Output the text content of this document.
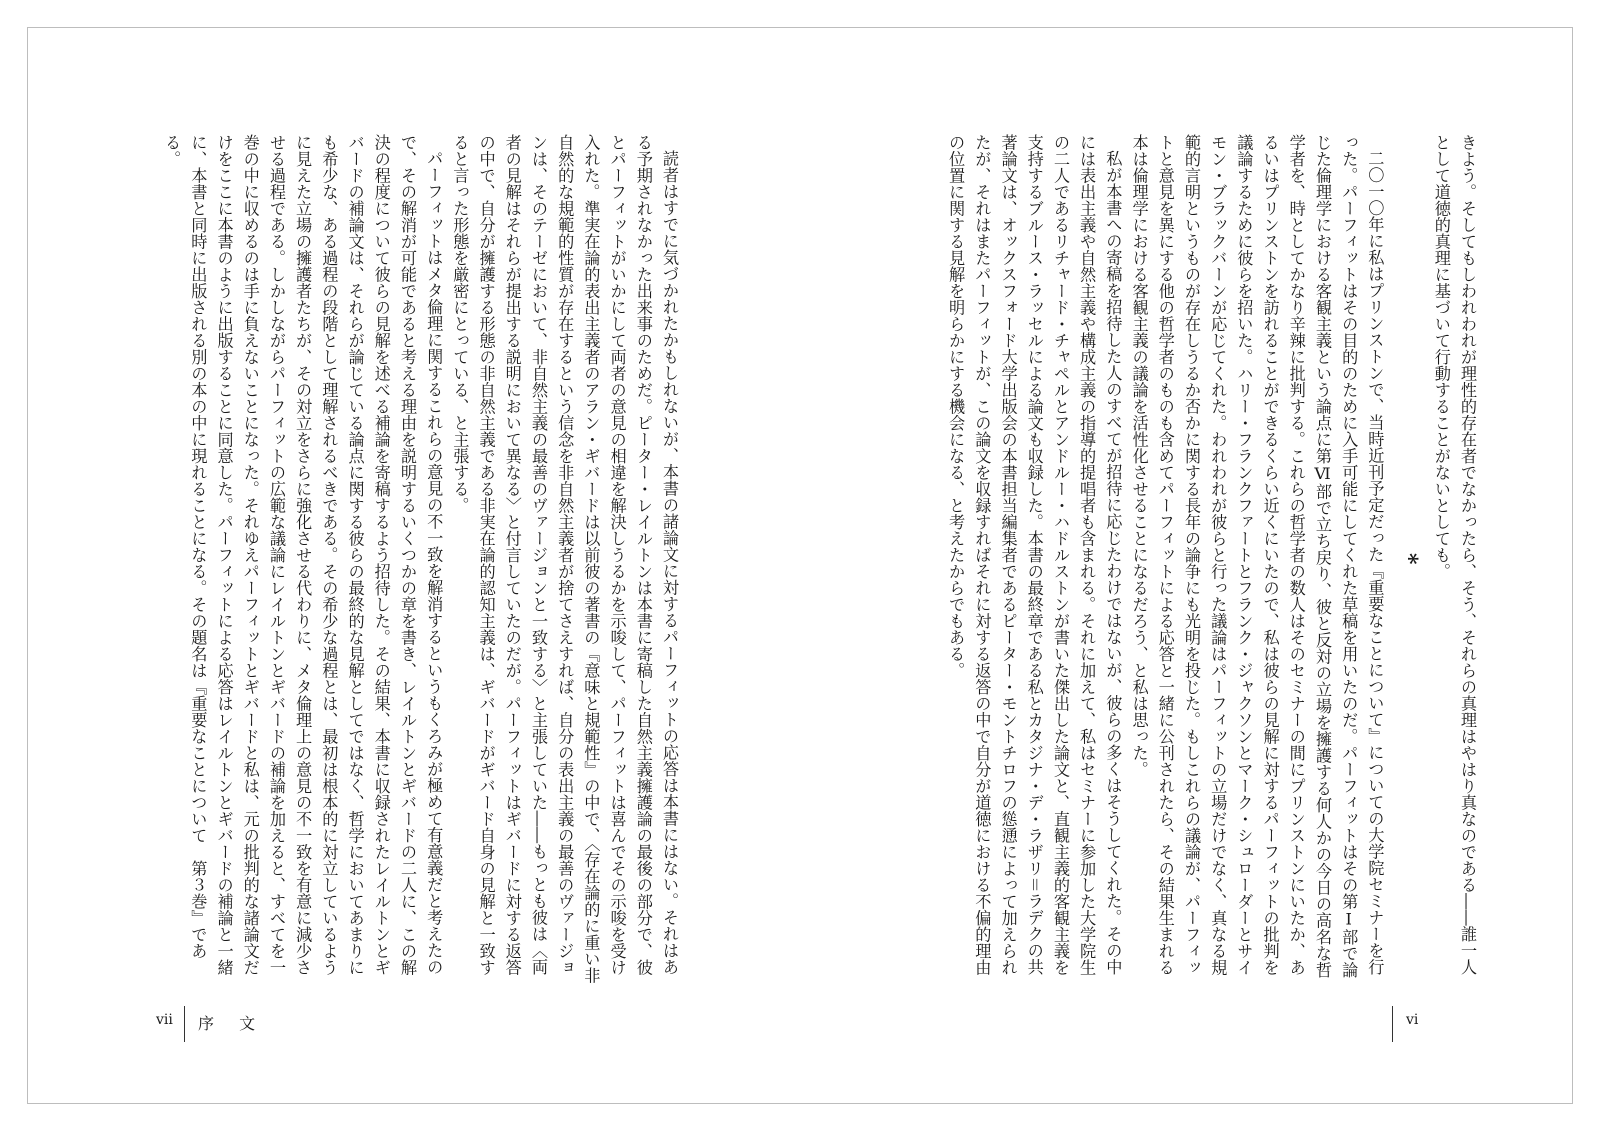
きよう。そしてもしわれわれが理性的存在者でなかったら、そう、それらの真理はやはり真なのである――誰一人として道徳的真理に基づいて行動することがないとしても。

*

二〇一〇年に私はプリンストンで、当時近刊予定だった『重要なことについて』についての大学院セミナーを行った。パーフィットはその目的のために入手可能にしてくれた草稿を用いたのだ。パーフィットはその第Ⅰ部で論じた倫理学における客観主義という論点に第Ⅵ部で立ち戻り、彼と反対の立場を擁護する何人かの今日の高名な哲学者を、時としてかなり辛辣に批判する。これらの哲学者の数人はそのセミナーの間にプリンストンにいたか、あるいはプリンストンを訪れることができるくらい近くにいたので、私は彼らの見解に対するパーフィットの批判を議論するために彼らを招いた。ハリー・フランクファートとフランク・ジャクソンとマーク・シュローダーとサイモン・ブラックバーンが応じてくれた。われわれが彼らと行った議論はパーフィットの立場だけでなく、真なる規範的言明というものが存在しうるか否かに関する長年の論争にも光明を投じた。もしこれらの議論が、パーフィットと意見を異にする他の哲学者のものも含めてパーフィットによる応答と一緒に公刊されたら、その結果生まれる本は倫理学における客観主義の議論を活性化させることになるだろう、と私は思った。

私が本書への寄稿を招待した人のすべてが招待に応じたわけではないが、彼らの多くはそうしてくれた。その中には表出主義や自然主義や構成主義の指導的提唱者も含まれる。それに加えて、私はセミナーに参加した大学院生の二人であるリチャード・チャペルとアンドルー・ハドルストンが書いた傑出した論文と、直観主義的客観主義を支持するブルース・ラッセルによる論文も収録した。本書の最終章である私とカタジナ・デ・ラザリ＝ラデクの共著論文は、オックスフォード大学出版会の本書担当編集者であるピーター・モントチロフの慫慂によって加えられたが、それはまたパーフィットが、この論文を収録すればそれに対する返答の中で自分が道徳における不偏的理由の位置に関する見解を明らかにする機会になる、と考えたからでもある。

読者はすでに気づかれたかもしれないが、本書の諸論文に対するパーフィットの応答は本書にはない。それはある予期されなかった出来事のためだ。ピーター・レイルトンは本書に寄稿した自然主義擁護論の最後の部分で、彼とパーフィットがいかにして両者の意見の相違を解決しうるかを示唆して、パーフィットは喜んでその示唆を受け入れた。準実在論的表出主義者のアラン・ギバードは以前彼の著書の『意味と規範性』の中で、〈存在論的に重い非自然的な規範的性質が存在するという信念を非自然主義者が捨てさえすれば、自分の表出主義の最善のヴァージョンは、そのテーゼにおいて、非自然主義の最善のヴァージョンと一致する〉と主張していた――もっとも彼は〈両者の見解はそれらが提出する説明において異なる〉と付言していたのだが。パーフィットはギバードに対する返答の中で、自分が擁護する形態の非自然主義である非実在論的認知主義は、ギバードがギバード自身の見解と一致すると言った形態を厳密にとっている、と主張する。

パーフィットはメタ倫理に関するこれらの意見の不一致を解消するというもくろみが極めて有意義だと考えたので、その解消が可能であると考える理由を説明するいくつかの章を書き、レイルトンとギバードの二人に、この解決の程度について彼らの見解を述べる補論を寄稿するよう招待した。その結果、本書に収録されたレイルトンとギバードの補論文は、それらが論じている論点に関する彼らの最終的な見解としてではなく、哲学においてあまりにも希少な、ある過程の段階として理解されるべきである。その希少な過程とは、最初は根本的に対立しているように見えた立場の擁護者たちが、その対立をさらに強化させる代わりに、メタ倫理上の意見の不一致を有意に減少させる過程である。しかしながらパーフィットの広範な議論にレイルトンとギバードの補論を加えると、すべてを一巻の中に収めるのは手に負えないことになった。それゆえパーフィットとギバードと私は、元の批判的な諸論文だけをここに本書のように出版することに同意した。パーフィットによる応答はレイルトンとギバードの補論と一緒に、本書と同時に出版される別の本の中に現れることになる。その題名は『重要なことについて　第３巻』である。

vii 序 文	vi
